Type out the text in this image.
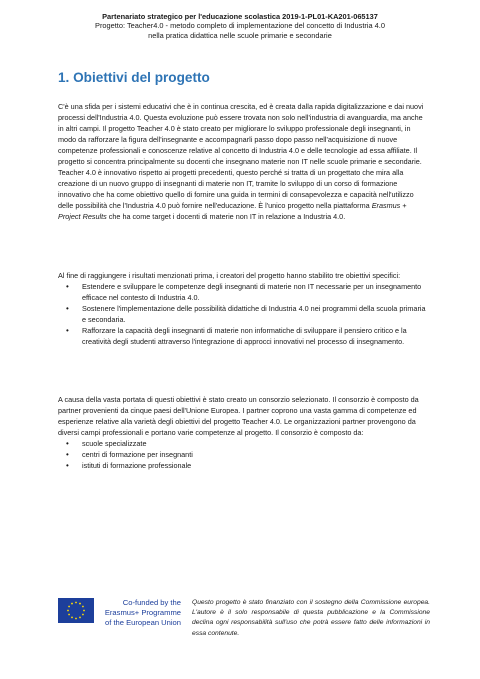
Partenariato strategico per l'educazione scolastica 2019-1-PL01-KA201-065137
Progetto: Teacher4.0 - metodo completo di implementazione del concetto di Industria 4.0
nella pratica didattica nelle scuole primarie e secondarie
1. Obiettivi del progetto
C'è una sfida per i sistemi educativi che è in continua crescita, ed è creata dalla rapida digitalizzazione e dai nuovi processi dell'Industria 4.0. Questa evoluzione può essere trovata non solo nell'industria di avanguardia, ma anche in altri campi. Il progetto Teacher 4.0 è stato creato per migliorare lo sviluppo professionale degli insegnanti, in modo da rafforzare la figura dell'insegnante e accompagnarli passo dopo passo nell'acquisizione di nuove competenze professionali e conoscenze relative al concetto di Industria 4.0 e delle tecnologie ad essa affiliate. Il progetto si concentra principalmente su docenti che insegnano materie non IT nelle scuole primarie e secondarie. Teacher 4.0 è innovativo rispetto ai progetti precedenti, questo perché si tratta di un progettato che mira alla creazione di un nuovo gruppo di insegnanti di materie non IT, tramite lo sviluppo di un corso di formazione innovativo che ha come obiettivo quello di fornire una guida in termini di consapevolezza e capacità nell'utilizzo delle possibilità che l'Industria 4.0 può fornire nell'educazione. È l'unico progetto nella piattaforma Erasmus + Project Results che ha come target i docenti di materie non IT in relazione a Industria 4.0.
Al fine di raggiungere i risultati menzionati prima, i creatori del progetto hanno stabilito tre obiettivi specifici:
• Estendere e sviluppare le competenze degli insegnanti di materie non IT necessarie per un insegnamento efficace nel contesto di Industria 4.0.
• Sostenere l'implementazione delle possibilità didattiche di Industria 4.0 nei programmi della scuola primaria e secondaria.
• Rafforzare la capacità degli insegnanti di materie non informatiche di sviluppare il pensiero critico e la creatività degli studenti attraverso l'integrazione di approcci innovativi nel processo di insegnamento.
A causa della vasta portata di questi obiettivi è stato creato un consorzio selezionato. Il consorzio è composto da partner provenienti da cinque paesi dell'Unione Europea. I partner coprono una vasta gamma di competenze ed esperienze relative alla varietà degli obiettivi del progetto Teacher 4.0. Le organizzazioni partner provengono da diversi campi professionali e portano varie competenze al progetto. Il consorzio è composto da:
• scuole specializzate
• centri di formazione per insegnanti
• istituti di formazione professionale
Co-funded by the
Erasmus+ Programme
of the European Union
Questo progetto è stato finanziato con il sostegno della Commissione europea. L'autore è il solo responsabile di questa pubblicazione e la Commissione declina ogni responsabilità sull'uso che potrà essere fatto delle informazioni in essa contenute.
